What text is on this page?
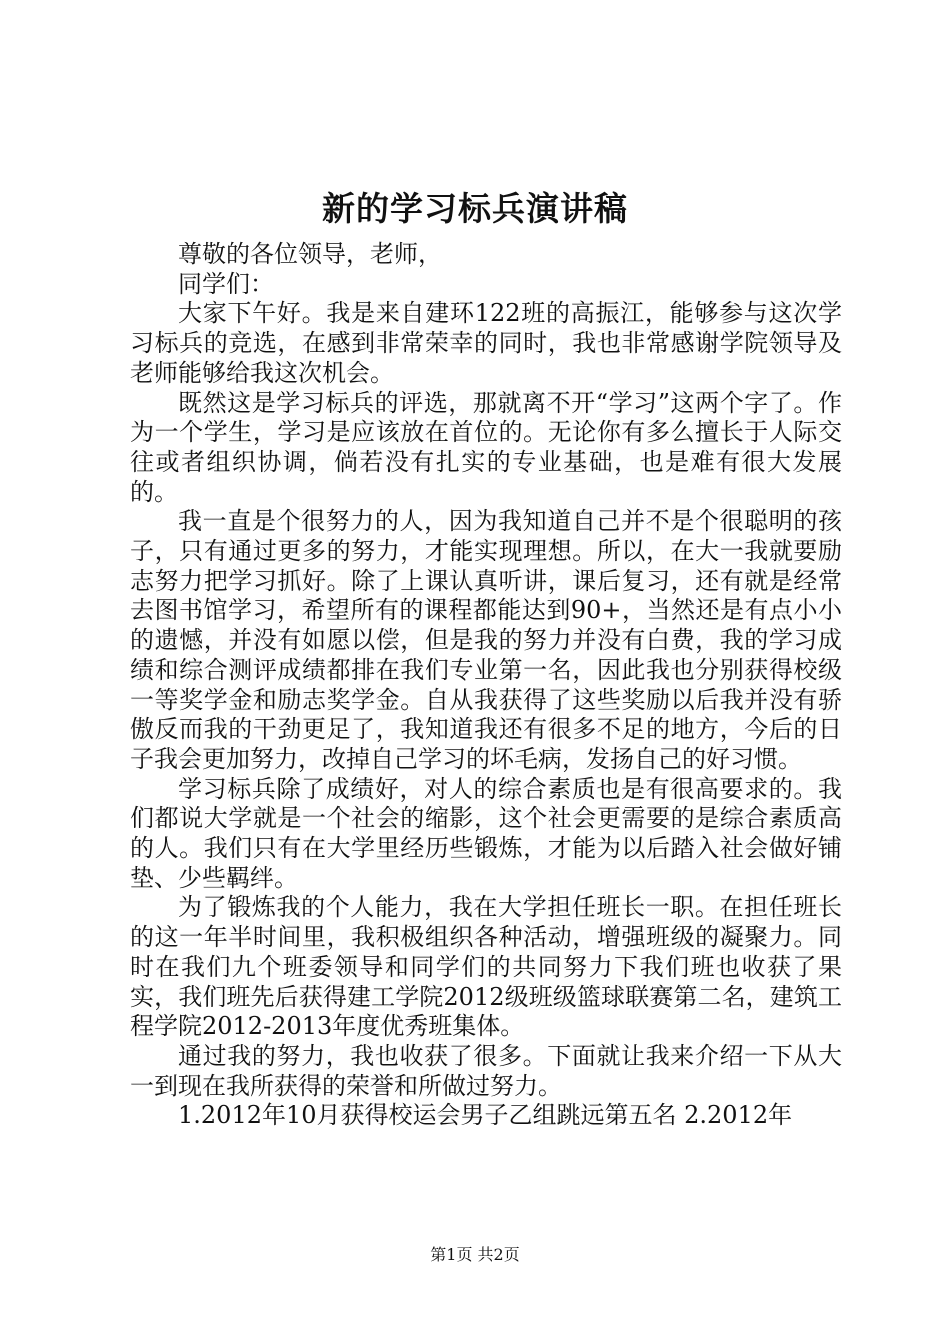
新的学习标兵演讲稿

尊敬的各位领导，老师，

同学们：

大家下午好。我是来自建环122班的高振江，能够参与这次学习标兵的竞选，在感到非常荣幸的同时，我也非常感谢学院领导及老师能够给我这次机会。

既然这是学习标兵的评选，那就离不开“学习”这两个字了。作为一个学生，学习是应该放在首位的。无论你有多么擅长于人际交往或者组织协调，倘若没有扎实的专业基础，也是难有很大发展的。

我一直是个很努力的人，因为我知道自己并不是个很聪明的孩子，只有通过更多的努力，才能实现理想。所以，在大一我就要励志努力把学习抓好。除了上课认真听讲，课后复习，还有就是经常去图书馆学习，希望所有的课程都能达到90+，当然还是有点小小的遗憾，并没有如愿以偿，但是我的努力并没有白费，我的学习成绩和综合测评成绩都排在我们专业第一名，因此我也分别获得校级一等奖学金和励志奖学金。自从我获得了这些奖励以后我并没有骄傲反而我的干劲更足了，我知道我还有很多不足的地方，今后的日子我会更加努力，改掉自己学习的坏毛病，发扬自己的好习惯。

学习标兵除了成绩好，对人的综合素质也是有很高要求的。我们都说大学就是一个社会的缩影，这个社会更需要的是综合素质高的人。我们只有在大学里经历些锻炼，才能为以后踏入社会做好铺垫、少些羁绊。

为了锻炼我的个人能力，我在大学担任班长一职。在担任班长的这一年半时间里，我积极组织各种活动，增强班级的凝聚力。同时在我们九个班委领导和同学们的共同努力下我们班也收获了果实，我们班先后获得建工学院2012级班级篮球联赛第二名，建筑工程学院2012-2013年度优秀班集体。

通过我的努力，我也收获了很多。下面就让我来介绍一下从大一到现在我所获得的荣誉和所做过努力。

1.2012年10月获得校运会男子乙组跳远第五名 2.2012年

第1页 共2页
